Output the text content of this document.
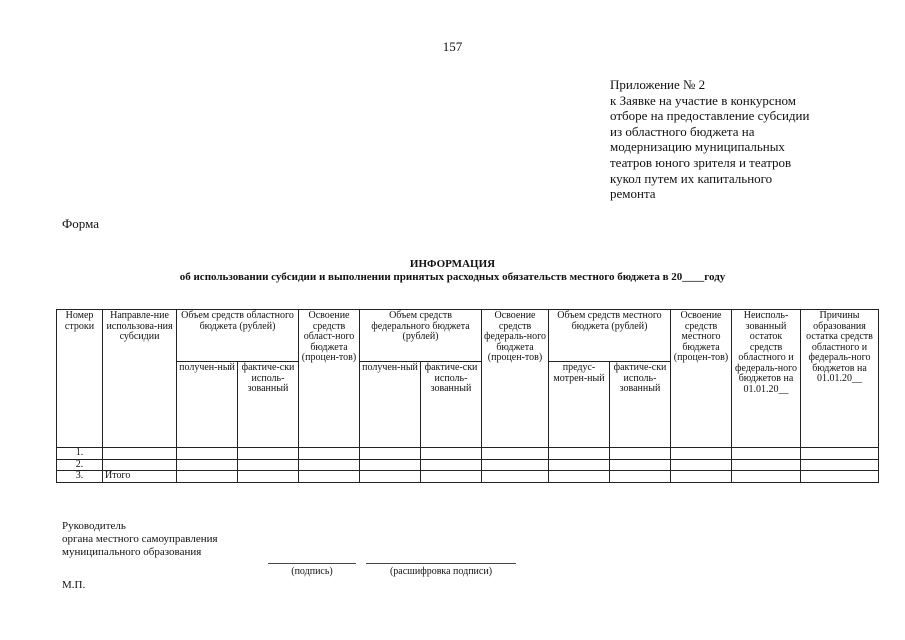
157
Приложение № 2
к Заявке на участие в конкурсном
отборе на предоставление субсидии
из областного бюджета на
модернизацию муниципальных
театров юного зрителя и театров
кукол путем их капитального
ремонта
Форма
ИНФОРМАЦИЯ
об использовании субсидии и выполнении принятых расходных обязательств местного бюджета в 20____году
Номер строки	Направле-ние использова-ния субсидии	Объем средств областного бюджета (рублей)		Освоение средств област-ного бюджета (процен-тов)	Объем средств федерального бюджета (рублей)		Освоение средств федераль-ного бюджета (процен-тов)	Объем средств местного бюджета (рублей)		Освоение средств местного бюджета (процен-тов)	Неисполь-зованный остаток средств областного и федераль-ного бюджетов на 01.01.20__	Причины образования остатка средств областного и федераль-ного бюджетов на 01.01.20__
		получен-ный	фактиче-ски исполь-зованный		получен-ный	фактиче-ски исполь-зованный		предус-мотрен-ный	фактиче-ски исполь-зованный			
1.												
2.												
3.	Итого											
Руководитель
органа местного самоуправления
муниципального образования
(подпись)	(расшифровка подписи)
М.П.
